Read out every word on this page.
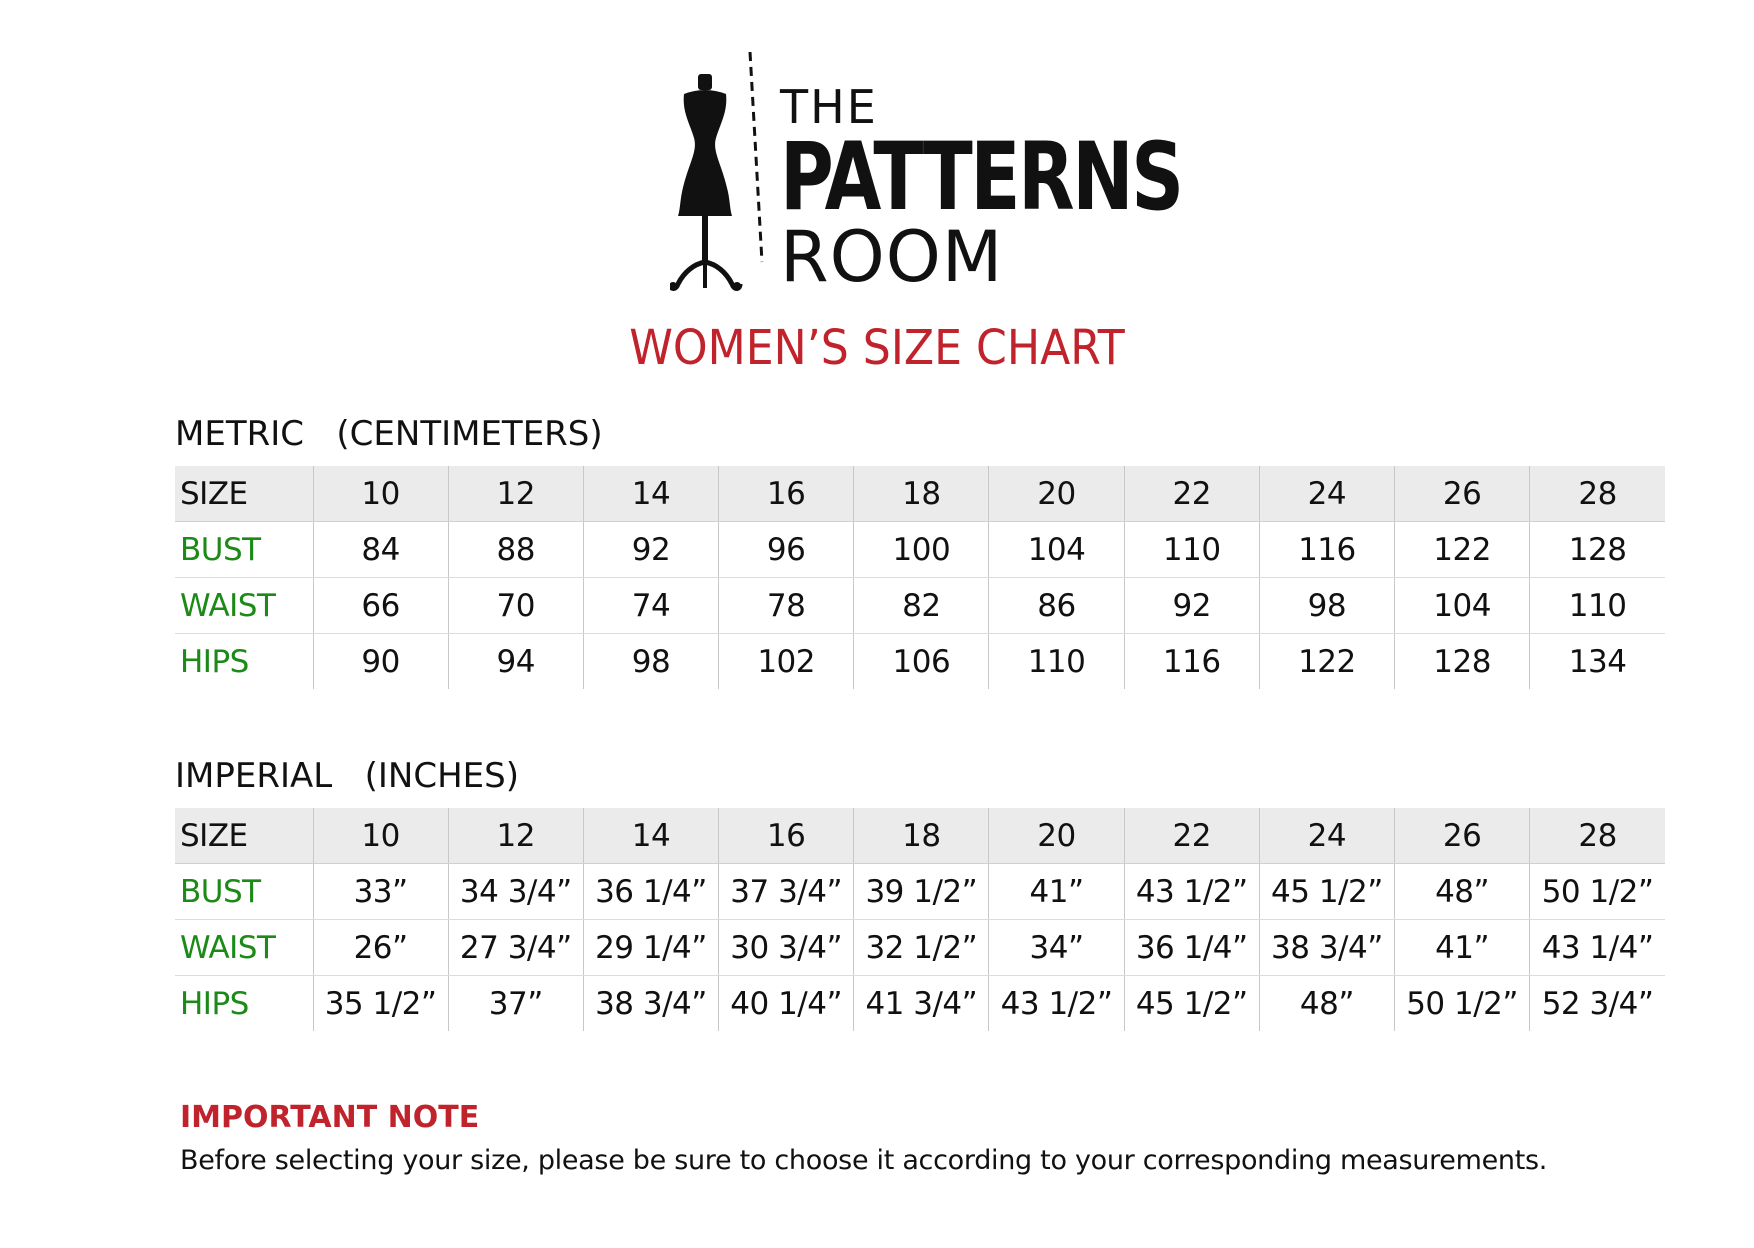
THE
PATTERNS
ROOM
WOMEN’S SIZE CHART
METRIC   (CENTIMETERS)
SIZE	10	12	14	16	18	20	22	24	26	28
BUST	84	88	92	96	100	104	110	116	122	128
WAIST	66	70	74	78	82	86	92	98	104	110
HIPS	90	94	98	102	106	110	116	122	128	134
IMPERIAL   (INCHES)
SIZE	10	12	14	16	18	20	22	24	26	28
BUST	33”	34 3/4”	36 1/4”	37 3/4”	39 1/2”	41”	43 1/2”	45 1/2”	48”	50 1/2”
WAIST	26”	27 3/4”	29 1/4”	30 3/4”	32 1/2”	34”	36 1/4”	38 3/4”	41”	43 1/4”
HIPS	35 1/2”	37”	38 3/4”	40 1/4”	41 3/4”	43 1/2”	45 1/2”	48”	50 1/2”	52 3/4”
IMPORTANT NOTE
Before selecting your size, please be sure to choose it according to your corresponding measurements.
